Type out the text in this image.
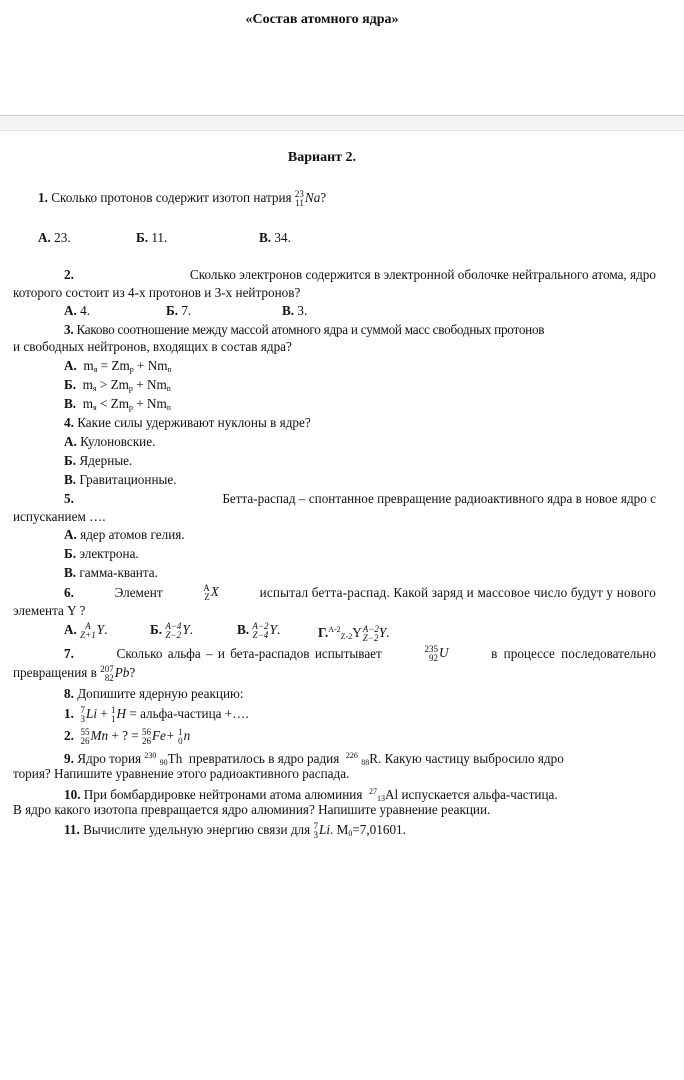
«Состав атомного ядра»
Вариант 2.
1. Сколько протонов содержит изотоп натрия 23
11 Na?
А. 23.	Б. 11.	В. 34.
2.	Сколько электронов содержится в электронной оболочке нейтрального атома, ядро
которого состоит из 4-х протонов и 3-х нейтронов?
А. 4.	Б. 7.	В. 3.
3. Каково соотношение между массой атомного ядра и суммой масс свободных протонов
и свободных нейтронов, входящих в состав ядра?
А. $m_я = Zm_p + Nm_n$
Б. $m_я > Zm_p + Nm_n$
В. $m_я < Zm_p + Nm_n$
4. Какие силы удерживают нуклоны в ядре?
А. Кулоновские.
Б. Ядерные.
В. Гравитационные.
5.	Бетта-распад – спонтанное превращение радиоактивного ядра в новое ядро с
испусканием ….
А. ядер атомов гелия.
Б. электрона.
В. гамма-кванта.
6.	Элемент	A
Z X	испытал бетта-распад. Какой заряд и массовое число будут у нового
элемента Y ?
А. A
Z+1 Y.	Б. A−4
Z−2 Y.	В. A−2
Z−4 Y.	Г.$^{A-2}_{Z-2}$Y A−2
Z−2 Y.
7.	Сколько альфа – и бета-распадов испытывает	235
92 U	в процессе последовательно
превращения в 207
82 Pb?
8. Допишите ядерную реакцию:
1. 7
3 Li + 1
1 H = альфа-частица +….
2. 55
26 Mn + ? = 56
26 Fe+ 1
0 n
9. Ядро тория $^{230}$ $_{90}$Th превратилось в ядро радия $^{226}$ $_{88}$R. Какую частицу выбросило ядро
тория? Напишите уравнение этого радиоактивного распада.
10. При бомбардировке нейтронами атома алюминия $^{27}_{13}$Al испускается альфа-частица.
В ядро какого изотопа превращается ядро алюминия? Напишите уравнение реакции.
11. Вычислите удельную энергию связи для 7
3 Li. $M_0=7,01601$.
